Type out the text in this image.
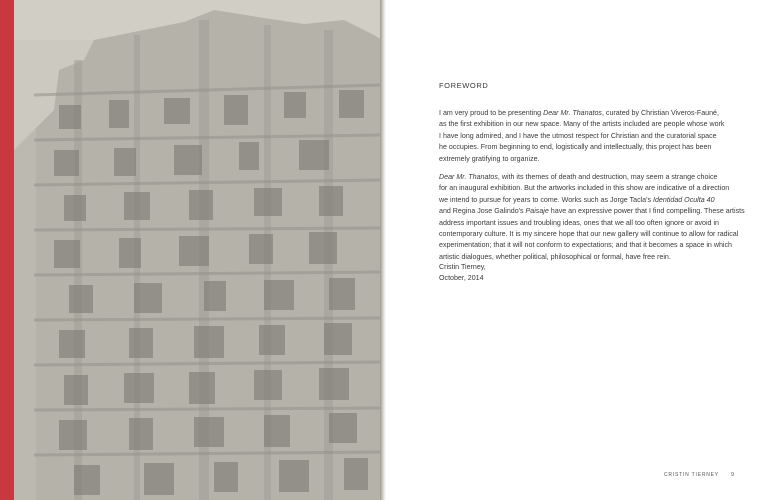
FOREWORD
I am very proud to be presenting Dear Mr. Thanatos, curated by Christian Viveros-Fauné,
as the first exhibition in our new space. Many of the artists included are people whose work
I have long admired, and I have the utmost respect for Christian and the curatorial space
he occupies. From beginning to end, logistically and intellectually, this project has been
extremely gratifying to organize.
Dear Mr. Thanatos, with its themes of death and destruction, may seem a strange choice
for an inaugural exhibition. But the artworks included in this show are indicative of a direction
we intend to pursue for years to come. Works such as Jorge Tacla's Identidad Oculta 40
and Regina Jose Galindo's Paisaje have an expressive power that I find compelling. These artists
address important issues and troubling ideas, ones that we all too often ignore or avoid in
contemporary culture. It is my sincere hope that our new gallery will continue to allow for radical
experimentation; that it will not conform to expectations; and that it becomes a space in which
artistic dialogues, whether political, philosophical or formal, have free rein.
Cristin Tierney,
October, 2014
CRISTIN TIERNEY 9
